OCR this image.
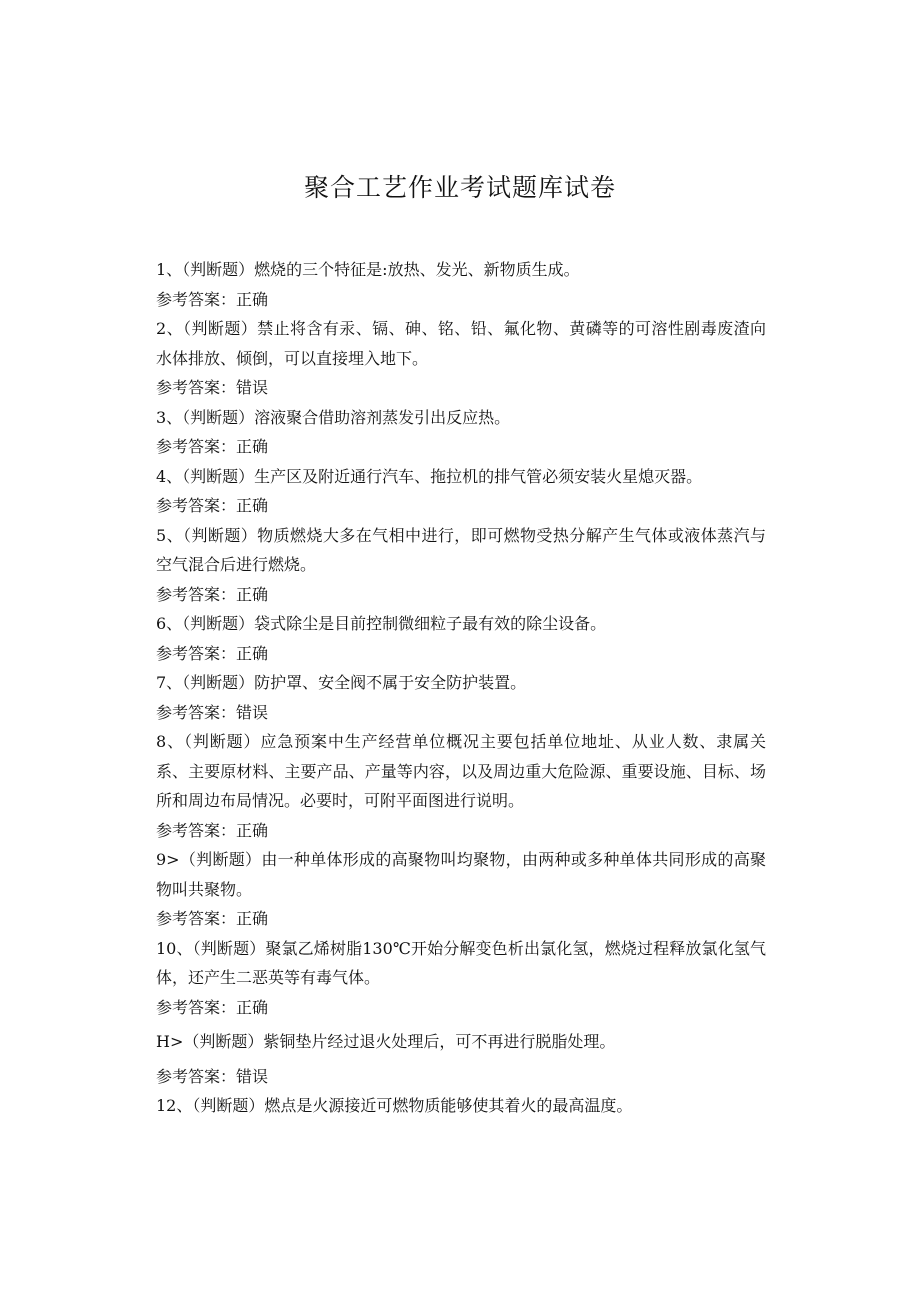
聚合工艺作业考试题库试卷

1、（判断题）燃烧的三个特征是:放热、发光、新物质生成。

参考答案：正确

2、（判断题）禁止将含有汞、镉、砷、铭、铅、氟化物、黄磷等的可溶性剧毒废渣向水体排放、倾倒，可以直接埋入地下。

参考答案：错误

3、（判断题）溶液聚合借助溶剂蒸发引出反应热。

参考答案：正确

4、（判断题）生产区及附近通行汽车、拖拉机的排气管必须安装火星熄灭器。

参考答案：正确

5、（判断题）物质燃烧大多在气相中进行，即可燃物受热分解产生气体或液体蒸汽与空气混合后进行燃烧。

参考答案：正确

6、（判断题）袋式除尘是目前控制微细粒子最有效的除尘设备。

参考答案：正确

7、（判断题）防护罩、安全阀不属于安全防护装置。

参考答案：错误

8、（判断题）应急预案中生产经营单位概况主要包括单位地址、从业人数、隶属关系、主要原材料、主要产品、产量等内容，以及周边重大危险源、重要设施、目标、场所和周边布局情况。必要时，可附平面图进行说明。

参考答案：正确

9>（判断题）由一种单体形成的高聚物叫均聚物，由两种或多种单体共同形成的高聚物叫共聚物。

参考答案：正确

10、（判断题）聚氯乙烯树脂130℃开始分解变色析出氯化氢，燃烧过程释放氯化氢气体，还产生二恶英等有毒气体。

参考答案：正确

H>（判断题）紫铜垫片经过退火处理后，可不再进行脱脂处理。

参考答案：错误

12、（判断题）燃点是火源接近可燃物质能够使其着火的最高温度。
